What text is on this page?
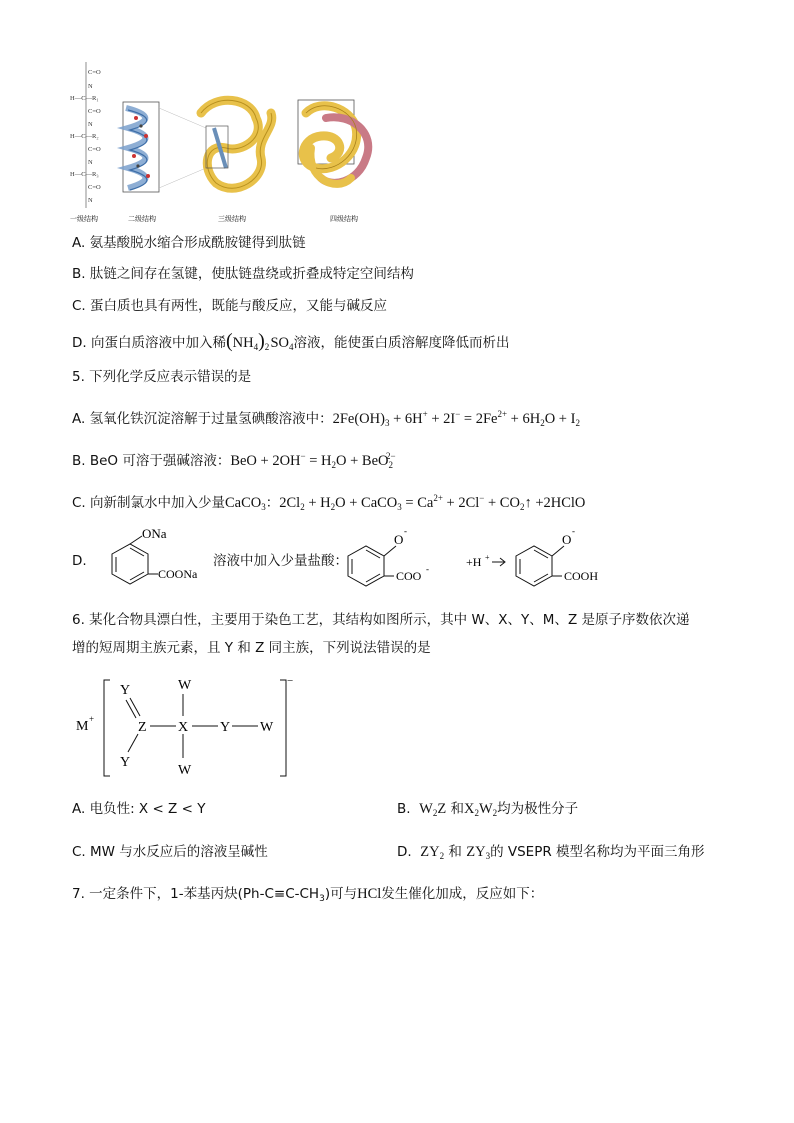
C=O
N
H—C—R₁
C=O
N
H—C—R₂
C=O
N
H—C—R₃
C=O
N
一级结构	二级结构	三级结构	四级结构
A. 氨基酸脱水缩合形成酰胺键得到肽链
B. 肽链之间存在氢键，使肽链盘绕或折叠成特定空间结构
C. 蛋白质也具有两性，既能与酸反应，又能与碱反应
D. 向蛋白质溶液中加入稀$(NH_4)_2$ $SO_4$溶液，能使蛋白质溶解度降低而析出
5. 下列化学反应表示错误的是
A. 氢氧化铁沉淀溶解于过量氢碘酸溶液中：$2Fe(OH)_3 + 6H^+ + 2I^- = 2Fe^{2+} + 6H_2O + I_2$
B. BeO 可溶于强碱溶液：BeO + $2OH^- = H_2O + BeO_2^{2-}$
C. 向新制氯水中加入少量CaCO$_3$：$2Cl_2 + H_2O$ + CaCO$_3$ = $Ca^{2+} + 2Cl^-$ + $CO_2↑$ +2HClO
D.
ONa
COONa
溶液中加入少量盐酸：
O
-
COO -	+H +
O
-
COOH
6. 某化合物具漂白性，主要用于染色工艺，其结构如图所示，其中 W、X、Y、M、Z 是原子序数依次递
增的短周期主族元素，且 Y 和 Z 同主族，下列说法错误的是
M +
−
Y
Z
Y
X
W
W
Y W
A. 电负性: X < Z < Y	B. $W_2Z$ 和$X_2W_2$均为极性分子
C. MW 与水反应后的溶液呈碱性	D. $ZY_2$ 和 $ZY_3$的 VSEPR 模型名称均为平面三角形
7. 一定条件下，1-苯基丙炔$(Ph-C\equiv C-CH_3)$可与HCl发生催化加成，反应如下：
